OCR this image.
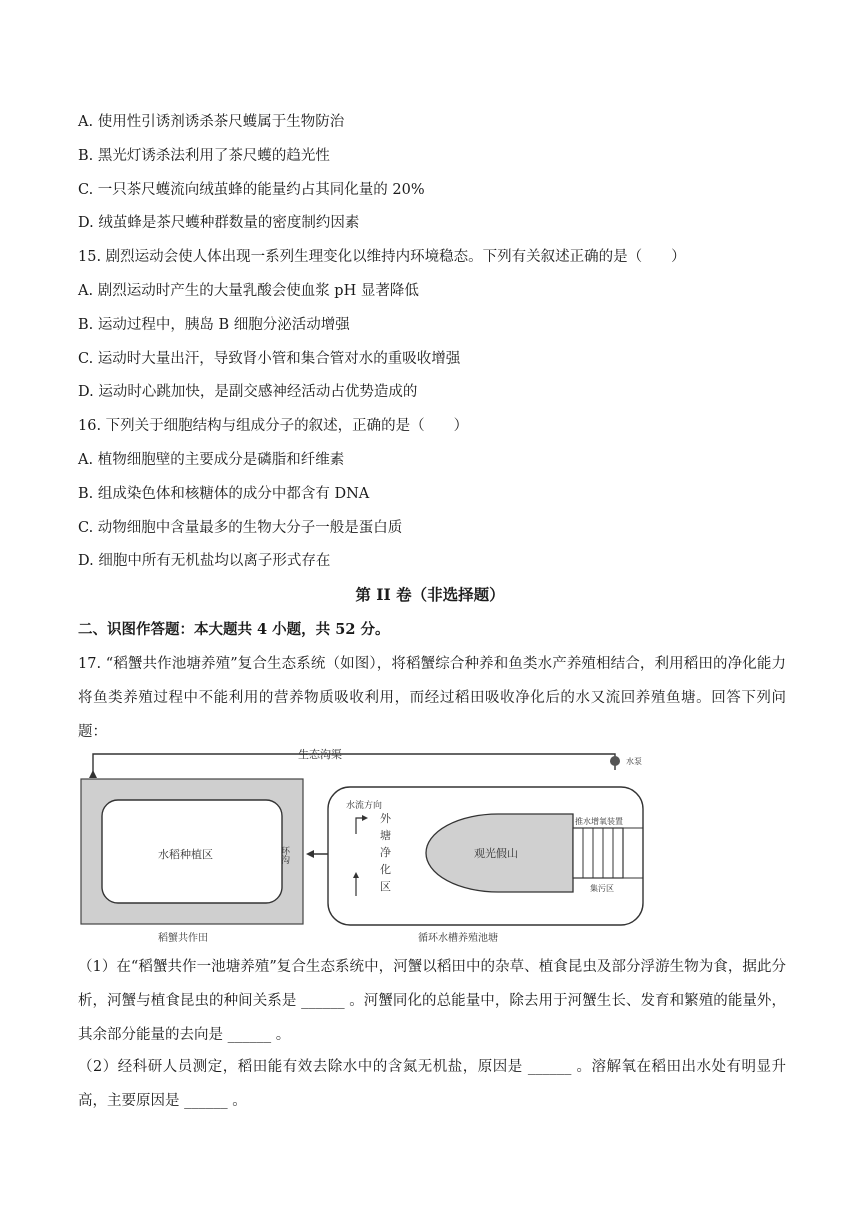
A. 使用性引诱剂诱杀茶尺蠖属于生物防治
B. 黑光灯诱杀法利用了茶尺蠖的趋光性
C. 一只茶尺蠖流向绒茧蜂的能量约占其同化量的 20%
D. 绒茧蜂是茶尺蠖种群数量的密度制约因素
15. 剧烈运动会使人体出现一系列生理变化以维持内环境稳态。下列有关叙述正确的是（　　）
A. 剧烈运动时产生的大量乳酸会使血浆 pH 显著降低
B. 运动过程中，胰岛 B 细胞分泌活动增强
C. 运动时大量出汗，导致肾小管和集合管对水的重吸收增强
D. 运动时心跳加快，是副交感神经活动占优势造成的
16. 下列关于细胞结构与组成分子的叙述，正确的是（　　）
A. 植物细胞壁的主要成分是磷脂和纤维素
B. 组成染色体和核糖体的成分中都含有 DNA
C. 动物细胞中含量最多的生物大分子一般是蛋白质
D. 细胞中所有无机盐均以离子形式存在
第 II 卷（非选择题）
二、识图作答题：本大题共 4 小题，共 52 分。
17. “稻蟹共作池塘养殖”复合生态系统（如图），将稻蟹综合种养和鱼类水产养殖相结合，利用稻田的净化能力将鱼类养殖过程中不能利用的营养物质吸收利用，而经过稻田吸收净化后的水又流回养殖鱼塘。回答下列问题：
生态沟渠
水泵
水稻种植区	环沟
稻蟹共作田
水流方向
外
塘
净
化
区
观光假山
推水增氧装置
集污区
循环水槽养殖池塘
（1）在“稻蟹共作一池塘养殖”复合生态系统中，河蟹以稻田中的杂草、植食昆虫及部分浮游生物为食，据此分析，河蟹与植食昆虫的种间关系是 ______ 。河蟹同化的总能量中，除去用于河蟹生长、发育和繁殖的能量外，其余部分能量的去向是 ______ 。
（2）经科研人员测定，稻田能有效去除水中的含氮无机盐，原因是 ______ 。溶解氧在稻田出水处有明显升高，主要原因是 ______ 。
